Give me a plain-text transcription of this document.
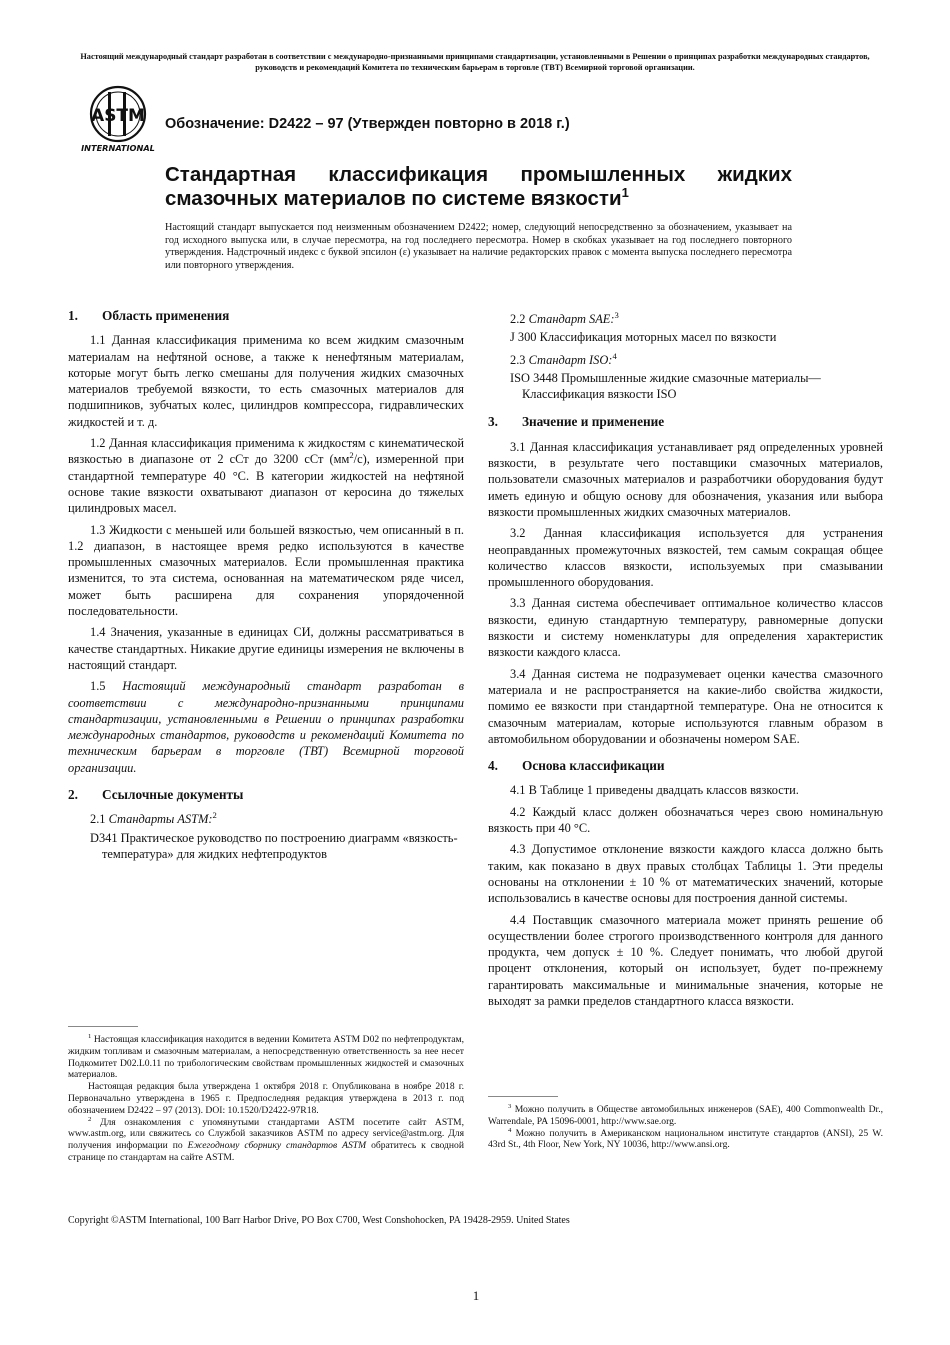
Настоящий международный стандарт разработан в соответствии с международно-признанными принципами стандартизации, установленными в Решении о принципах разработки международных стандартов, руководств и рекомендаций Комитета по техническим барьерам в торговле (ТВТ) Всемирной торговой организации.
ASTM
INTERNATIONAL
Обозначение: D2422 – 97 (Утвержден повторно в 2018 г.)
Стандартная классификация промышленных жидких смазочных материалов по системе вязкости$^1$
Настоящий стандарт выпускается под неизменным обозначением D2422; номер, следующий непосредственно за обозначением, указывает на год исходного выпуска или, в случае пересмотра, на год последнего пересмотра. Номер в скобках указывает на год последнего повторного утверждения. Надстрочный индекс с буквой эпсилон (ε) указывает на наличие редакторских правок с момента выпуска последнего пересмотра или повторного утверждения.
1.	Область применения

1.1 Данная классификация применима ко всем жидким смазочным материалам на нефтяной основе, а также к ненефтяным материалам, которые могут быть легко смешаны для получения жидких смазочных материалов требуемой вязкости, то есть смазочных материалов для подшипников, зубчатых колес, цилиндров компрессора, гидравлических жидкостей и т. д.

1.2 Данная классификация применима к жидкостям с кинематической вязкостью в диапазоне от 2 сСт до 3200 сСт $(мм^2/с)$, измеренной при стандартной температуре 40 °C. В категории жидкостей на нефтяной основе такие вязкости охватывают диапазон от керосина до тяжелых цилиндровых масел.

1.3 Жидкости с меньшей или большей вязкостью, чем описанный в п. 1.2 диапазон, в настоящее время редко используются в качестве промышленных смазочных материалов. Если промышленная практика изменится, то эта система, основанная на математическом ряде чисел, может быть расширена для сохранения упорядоченной последовательности.

1.4 Значения, указанные в единицах СИ, должны рассматриваться в качестве стандартных. Никакие другие единицы измерения не включены в настоящий стандарт.

1.5 Настоящий международный стандарт разработан в соответствии с международно-признанными принципами стандартизации, установленными в Решении о принципах разработки международных стандартов, руководств и рекомендаций Комитета по техническим барьерам в торговле (ТВТ) Всемирной торговой организации.

2.	Ссылочные документы
2.1 Стандарты ASTM:$^2$
D341 Практическое руководство по построению диаграмм «вязкость-температура» для жидких нефтепродуктов

$^1$ Настоящая классификация находится в ведении Комитета ASTM D02 по нефтепродуктам, жидким топливам и смазочным материалам, а непосредственную ответственность за нее несет Подкомитет D02.L0.11 по трибологическим свойствам промышленных жидкостей и смазочных материалов.

Настоящая редакция была утверждена 1 октября 2018 г. Опубликована в ноябре 2018 г. Первоначально утверждена в 1965 г. Предпоследняя редакция утверждена в 2013 г. под обозначением D2422 – 97 (2013). DOI: 10.1520/D2422-97R18.

$^2$ Для ознакомления с упомянутыми стандартами ASTM посетите сайт ASTM, www.astm.org, или свяжитесь со Службой заказчиков ASTM по адресу service@astm.org. Для получения информации по Ежегодному сборнику стандартов ASTM обратитесь к сводной странице по стандартам на сайте ASTM.

2.2 Стандарт SAE:$^3$
J 300 Классификация моторных масел по вязкости
2.3 Стандарт ISO:$^4$
ISO 3448 Промышленные жидкие смазочные материалы—Классификация вязкости ISO
3.	Значение и применение

3.1 Данная классификация устанавливает ряд определенных уровней вязкости, в результате чего поставщики смазочных материалов, пользователи смазочных материалов и разработчики оборудования будут иметь единую и общую основу для обозначения, указания или выбора вязкости промышленных жидких смазочных материалов.

3.2 Данная классификация используется для устранения неоправданных промежуточных вязкостей, тем самым сокращая общее количество классов вязкости, используемых при смазывании промышленного оборудования.

3.3 Данная система обеспечивает оптимальное количество классов вязкости, единую стандартную температуру, равномерные допуски вязкости и систему номенклатуры для определения характеристик вязкости каждого класса.

3.4 Данная система не подразумевает оценки качества смазочного материала и не распространяется на какие-либо свойства жидкости, помимо ее вязкости при стандартной температуре. Она не относится к смазочным материалам, которые используются главным образом в автомобильном оборудовании и обозначены номером SAE.

4.	Основа классификации

4.1 В Таблице 1 приведены двадцать классов вязкости.

4.2 Каждый класс должен обозначаться через свою номинальную вязкость при 40 °C.

4.3 Допустимое отклонение вязкости каждого класса должно быть таким, как показано в двух правых столбцах Таблицы 1. Эти пределы основаны на отклонении ± 10 % от математических значений, которые использовались в качестве основы для построения данной системы.

4.4 Поставщик смазочного материала может принять решение об осуществлении более строгого производственного контроля для данного продукта, чем допуск ± 10 %. Следует понимать, что любой другой процент отклонения, который он использует, будет по-прежнему гарантировать максимальные и минимальные значения, которые не выходят за рамки пределов стандартного класса вязкости.

$^3$ Можно получить в Обществе автомобильных инженеров (SAE), 400 Commonwealth Dr., Warrendale, PA 15096-0001, http://www.sae.org.

$^4$ Можно получить в Американском национальном институте стандартов (ANSI), 25 W. 43rd St., 4th Floor, New York, NY 10036, http://www.ansi.org.

Copyright ©ASTM International, 100 Barr Harbor Drive, PO Box C700, West Conshohocken, PA 19428-2959. United States
1
